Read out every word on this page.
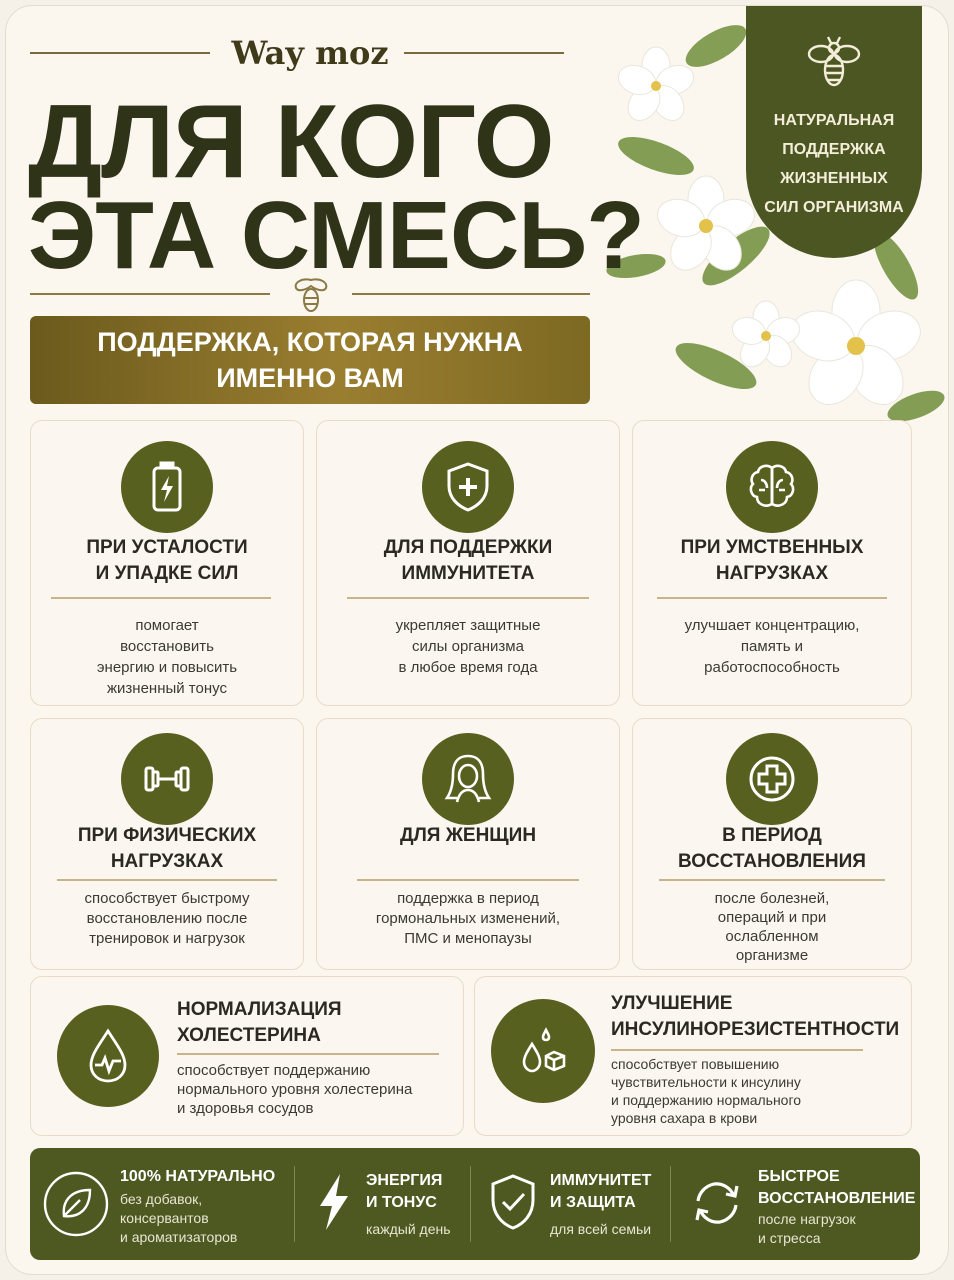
НАТУРАЛЬНАЯ
ПОДДЕРЖКА
ЖИЗНЕННЫХ
СИЛ ОРГАНИЗМА
Way moz
ДЛЯ КОГО
ЭТА СМЕСЬ?
ПОДДЕРЖКА, КОТОРАЯ НУЖНА
ИМЕННО ВАМ
ПРИ УСТАЛОСТИ
И УПАДКЕ СИЛ
помогает
восстановить
энергию и повысить
жизненный тонус
ДЛЯ ПОДДЕРЖКИ
ИММУНИТЕТА
укрепляет защитные
силы организма
в любое время года
ПРИ УМСТВЕННЫХ
НАГРУЗКАХ
улучшает концентрацию,
память и
работоспособность
ПРИ ФИЗИЧЕСКИХ
НАГРУЗКАХ
способствует быстрому
восстановлению после
тренировок и нагрузок
ДЛЯ ЖЕНЩИН
поддержка в период
гормональных изменений,
ПМС и менопаузы
В ПЕРИОД
ВОССТАНОВЛЕНИЯ
после болезней,
операций и при
ослабленном
организме
НОРМАЛИЗАЦИЯ
ХОЛЕСТЕРИНА
способствует поддержанию
нормального уровня холестерина
и здоровья сосудов
УЛУЧШЕНИЕ
ИНСУЛИНОРЕЗИСТЕНТНОСТИ
способствует повышению
чувствительности к инсулину
и поддержанию нормального
уровня сахара в крови
100% НАТУРАЛЬНО
без добавок,
консервантов
и ароматизаторов
ЭНЕРГИЯ
И ТОНУС
каждый день
ИММУНИТЕТ
И ЗАЩИТА
для всей семьи
БЫСТРОЕ
ВОССТАНОВЛЕНИЕ
после нагрузок
и стресса
